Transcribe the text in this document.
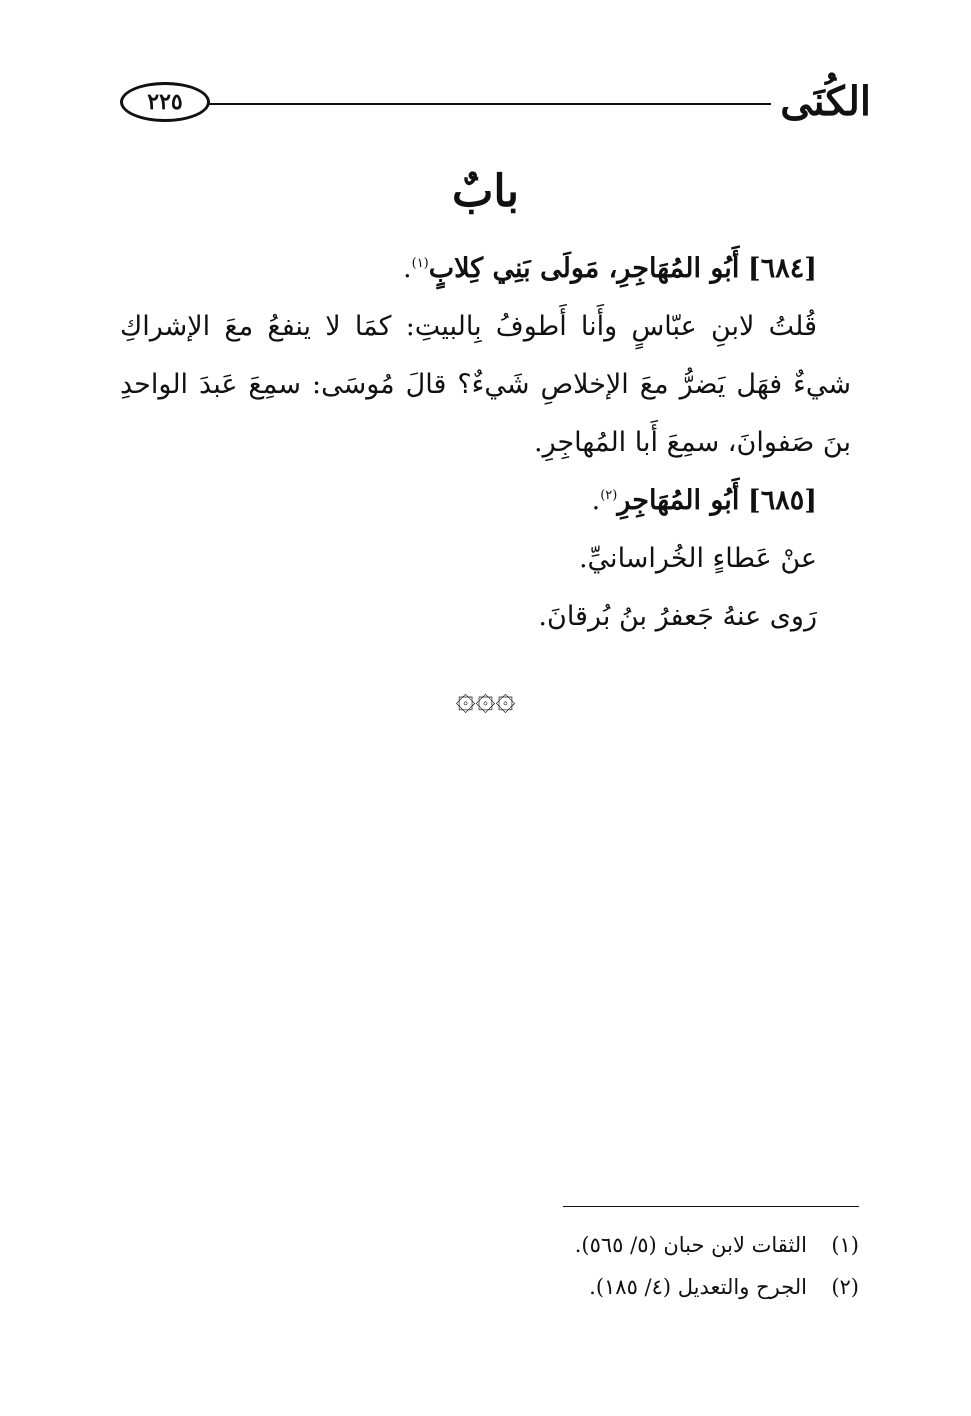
الكُنَى
٢٢٥
بابٌ

[٦٨٤] أَبُو المُهَاجِرِ، مَولَى بَنِي كِلابٍ$^{(١)}$.

قُلتُ لابنِ عبّاسٍ وأَنا أَطوفُ بِالبيتِ: كمَا لا ينفعُ معَ الإشراكِ شيءٌ فهَل يَضرُّ معَ الإخلاصِ شَيءٌ؟ قالَ مُوسَى: سمِعَ عَبدَ الواحدِ بنَ صَفوانَ، سمِعَ أَبا المُهاجِرِ.

[٦٨٥] أَبُو المُهَاجِرِ$^{(٢)}$.

عنْ عَطاءٍ الخُراسانيِّ.

رَوى عنهُ جَعفرُ بنُ بُرقانَ.

۞۞۞

(١)الثقات لابن حبان (٥/ ٥٦٥).

(٢)الجرح والتعديل (٤/ ١٨٥).
